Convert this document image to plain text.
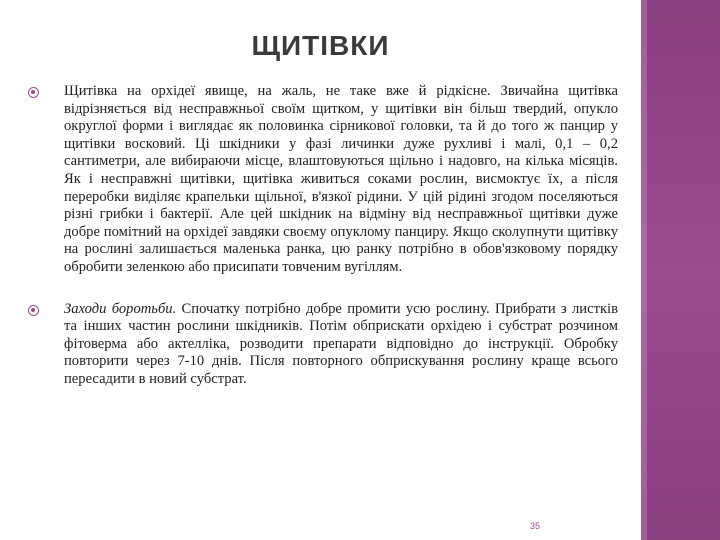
ЩИТІВКИ

Щитівка на орхідеї явище, на жаль, не таке вже й рідкісне. Звичайна щитівка відрізняється від несправжньої своїм щитком, у щитівки він більш твердий, опукло округлої форми і виглядає як половинка сірникової головки, та й до того ж панцир у щитівки восковий. Ці шкідники у фазі личинки дуже рухливі і малі, 0,1 – 0,2 сантиметри, але вибираючи місце, влаштовуються щільно і надовго, на кілька місяців. Як і несправжні щитівки, щитівка живиться соками рослин, висмоктує їх, а після переробки виділяє крапельки щільної, в'язкої рідини. У цій рідині згодом поселяються різні грибки і бактерії. Але цей шкідник на відміну від несправжньої щитівки дуже добре помітний на орхідеї завдяки своєму опуклому панциру. Якщо сколупнути щитівку на рослині залишається маленька ранка, цю ранку потрібно в обов'язковому порядку обробити зеленкою або присипати товченим вугіллям.

Заходи боротьби. Спочатку потрібно добре промити усю рослину. Прибрати з листків та інших частин рослини шкідників. Потім обприскати орхідею і субстрат розчином фітоверма або актелліка, розводити препарати відповідно до інструкції. Обробку повторити через 7-10 днів. Після повторного обприскування рослину краще всього пересадити в новий субстрат.

35
